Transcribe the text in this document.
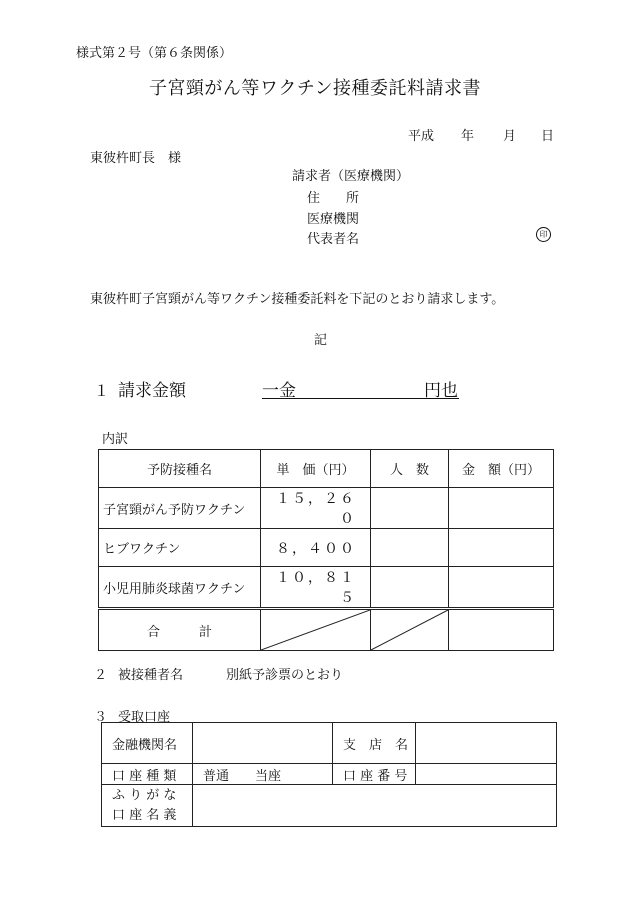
様式第２号（第６条関係）
子宮頸がん等ワクチン接種委託料請求書
平成 年 月 日
東彼杵町長　様
請求者（医療機関）
住　　所
医療機関
代表者名	印
東彼杵町子宮頸がん等ワクチン接種委託料を下記のとおり請求します。
記
１ 請求金額	一金	円也
内訳
予防接種名	単　価（円）	人　数	金　額（円）
子宮頸がん予防ワクチン	１５，２６０		
ヒブワクチン	８，４００		
小児用肺炎球菌ワクチン	１０，８１５		
合　　　計	

２ 被接種者名	別紙予診票のとおり
３ 受取口座
金融機関名		支　店　名	
口 座 種 類	普通　　当座	口 座 番 号	

ふ り が な
口 座 名 義			
